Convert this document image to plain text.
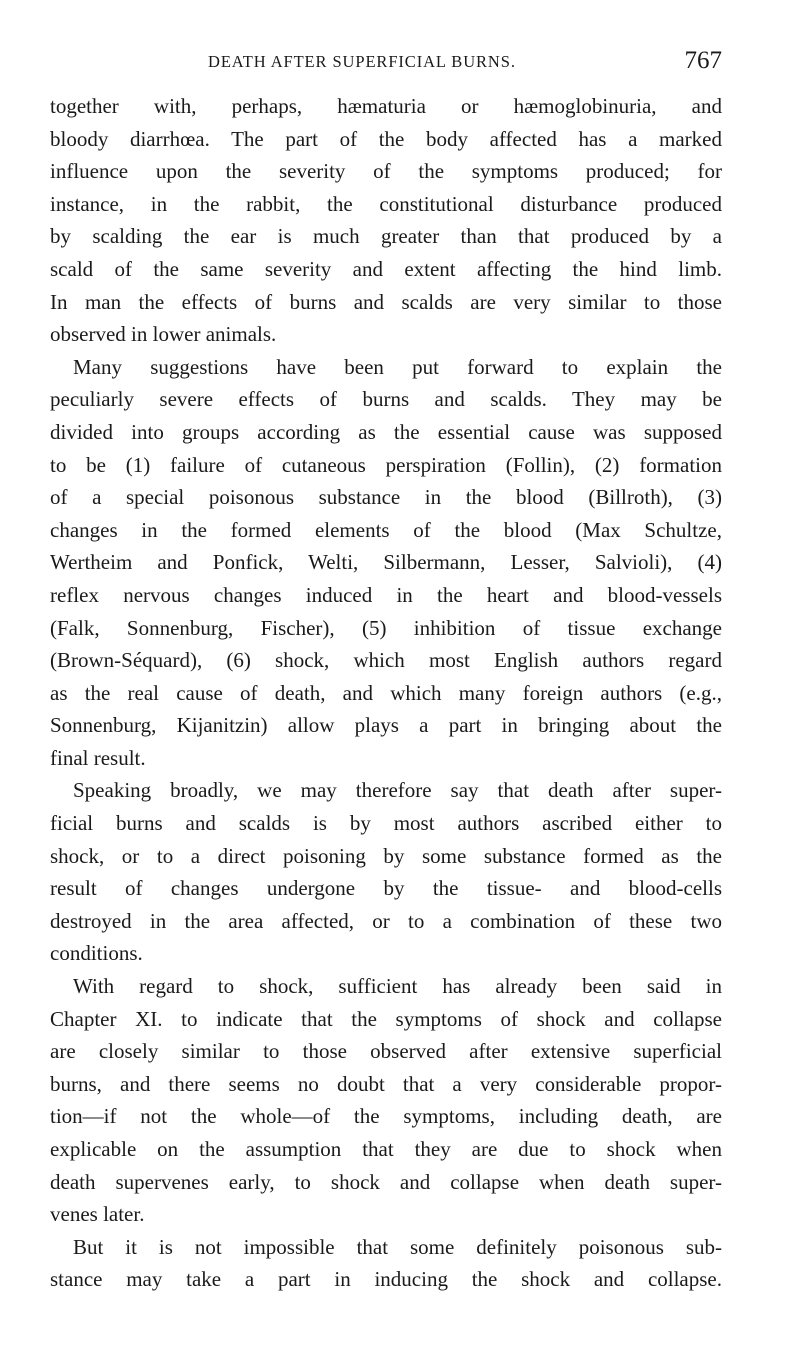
DEATH AFTER SUPERFICIAL BURNS.	767
together with, perhaps, hæmaturia or hæmoglobinuria, and
bloody diarrhœa. The part of the body affected has a marked
influence upon the severity of the symptoms produced; for
instance, in the rabbit, the constitutional disturbance produced
by scalding the ear is much greater than that produced by a
scald of the same severity and extent affecting the hind limb.
In man the effects of burns and scalds are very similar to those
observed in lower animals.
Many suggestions have been put forward to explain the
peculiarly severe effects of burns and scalds. They may be
divided into groups according as the essential cause was supposed
to be (1) failure of cutaneous perspiration (Follin), (2) formation
of a special poisonous substance in the blood (Billroth), (3)
changes in the formed elements of the blood (Max Schultze,
Wertheim and Ponfick, Welti, Silbermann, Lesser, Salvioli), (4)
reflex nervous changes induced in the heart and blood-vessels
(Falk, Sonnenburg, Fischer), (5) inhibition of tissue exchange
(Brown-Séquard), (6) shock, which most English authors regard
as the real cause of death, and which many foreign authors (e.g.,
Sonnenburg, Kijanitzin) allow plays a part in bringing about the
final result.
Speaking broadly, we may therefore say that death after super-
ficial burns and scalds is by most authors ascribed either to
shock, or to a direct poisoning by some substance formed as the
result of changes undergone by the tissue- and blood-cells
destroyed in the area affected, or to a combination of these two
conditions.
With regard to shock, sufficient has already been said in
Chapter XI. to indicate that the symptoms of shock and collapse
are closely similar to those observed after extensive superficial
burns, and there seems no doubt that a very considerable propor-
tion—if not the whole—of the symptoms, including death, are
explicable on the assumption that they are due to shock when
death supervenes early, to shock and collapse when death super-
venes later.
But it is not impossible that some definitely poisonous sub-
stance may take a part in inducing the shock and collapse.
